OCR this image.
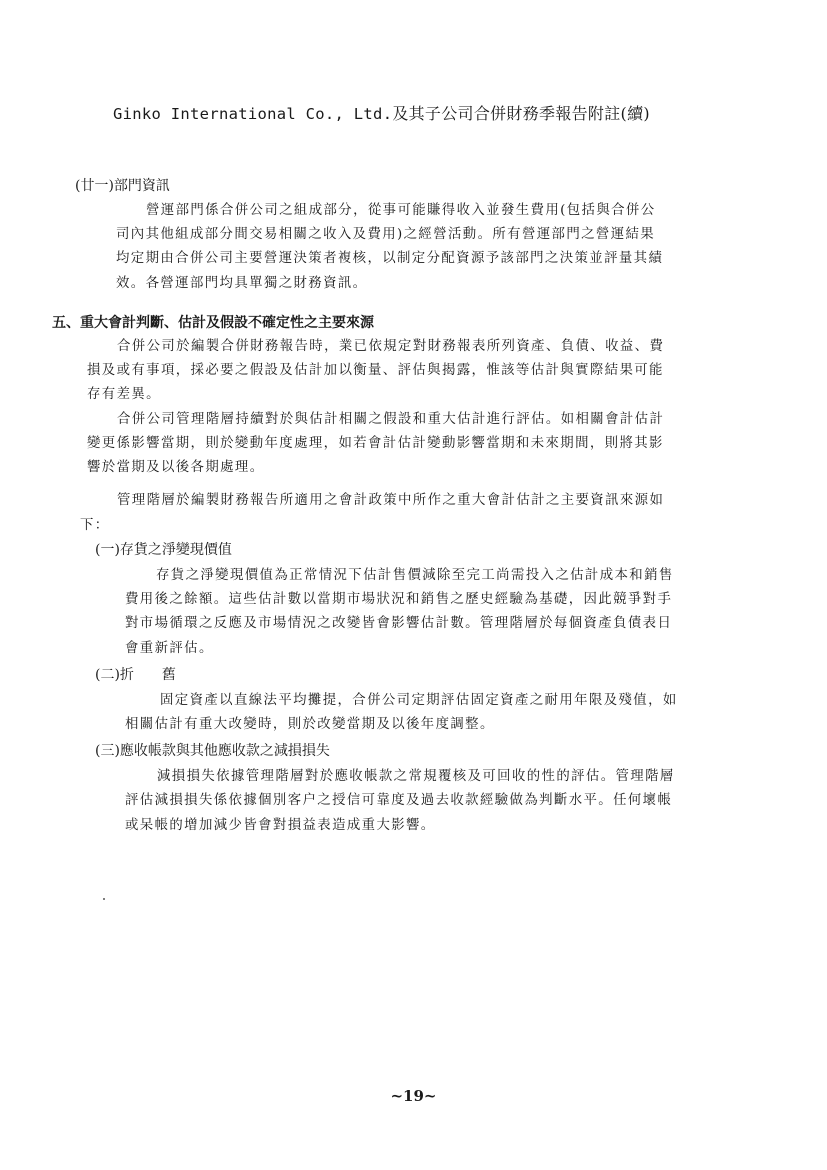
Ginko International Co., Ltd.及其子公司合併財務季報告附註(續)
(廿一)部門資訊
營運部門係合併公司之組成部分，從事可能賺得收入並發生費用(包括與合併公
司內其他組成部分間交易相關之收入及費用)之經營活動。所有營運部門之營運結果
均定期由合併公司主要營運決策者複核，以制定分配資源予該部門之決策並評量其績
效。各營運部門均具單獨之財務資訊。
五、重大會計判斷、估計及假設不確定性之主要來源
合併公司於編製合併財務報告時，業已依規定對財務報表所列資產、負債、收益、費
損及或有事項，採必要之假設及估計加以衡量、評估與揭露，惟該等估計與實際結果可能
存有差異。
合併公司管理階層持續對於與估計相關之假設和重大估計進行評估。如相關會計估計
變更係影響當期，則於變動年度處理，如若會計估計變動影響當期和未來期間，則將其影
響於當期及以後各期處理。
管理階層於編製財務報告所適用之會計政策中所作之重大會計估計之主要資訊來源如
下：
(一)存貨之淨變現價值
存貨之淨變現價值為正常情況下估計售價減除至完工尚需投入之估計成本和銷售
費用後之餘額。這些估計數以當期市場狀況和銷售之歷史經驗為基礎，因此競爭對手
對市場循環之反應及市場情況之改變皆會影響估計數。管理階層於每個資產負債表日
會重新評估。
(二)折　　舊
固定資產以直線法平均攤提，合併公司定期評估固定資產之耐用年限及殘值，如
相關估計有重大改變時，則於改變當期及以後年度調整。
(三)應收帳款與其他應收款之減損損失
減損損失依據管理階層對於應收帳款之常規覆核及可回收的性的評估。管理階層
評估減損損失係依據個別客户之授信可靠度及過去收款經驗做為判斷水平。任何壞帳
或呆帳的增加減少皆會對損益表造成重大影響。
~19~
